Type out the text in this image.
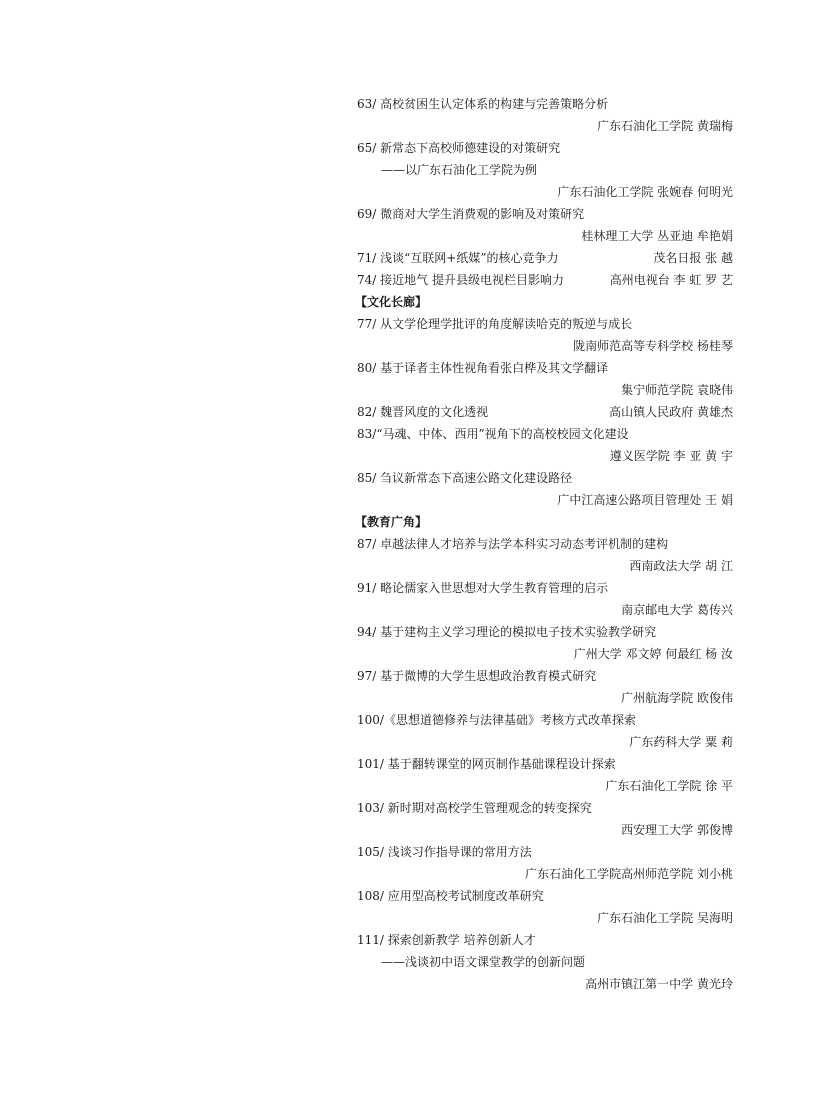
63/ 高校贫困生认定体系的构建与完善策略分析
广东石油化工学院 黄瑞梅
65/ 新常态下高校师德建设的对策研究
——以广东石油化工学院为例
广东石油化工学院 张婉春 何明光
69/ 微商对大学生消费观的影响及对策研究
桂林理工大学 丛亚迪 牟艳娟
71/ 浅谈“互联网+纸媒”的核心竞争力	茂名日报 张 越
74/ 接近地气 提升县级电视栏目影响力	高州电视台 李 虹 罗 艺
【文化长廊】
77/ 从文学伦理学批评的角度解读哈克的叛逆与成长
陇南师范高等专科学校 杨桂琴
80/ 基于译者主体性视角看张白桦及其文学翻译
集宁师范学院 袁晓伟
82/ 魏晋风度的文化透视	高山镇人民政府 黄雄杰
83/“马魂、中体、西用”视角下的高校校园文化建设
遵义医学院 李 亚 黄 宇
85/ 刍议新常态下高速公路文化建设路径
广中江高速公路项目管理处 王 娟
【教育广角】
87/ 卓越法律人才培养与法学本科实习动态考评机制的建构
西南政法大学 胡 江
91/ 略论儒家入世思想对大学生教育管理的启示
南京邮电大学 葛传兴
94/ 基于建构主义学习理论的模拟电子技术实验教学研究
广州大学 邓文婷 何最红 杨 汝
97/ 基于微博的大学生思想政治教育模式研究
广州航海学院 欧俊伟
100/《思想道德修养与法律基础》考核方式改革探索
广东药科大学 粟 莉
101/ 基于翻转课堂的网页制作基础课程设计探索
广东石油化工学院 徐 平
103/ 新时期对高校学生管理观念的转变探究
西安理工大学 郭俊博
105/ 浅谈习作指导课的常用方法
广东石油化工学院高州师范学院 刘小桃
108/ 应用型高校考试制度改革研究
广东石油化工学院 吴海明
111/ 探索创新教学 培养创新人才
——浅谈初中语文课堂教学的创新问题
高州市镇江第一中学 黄光玲
